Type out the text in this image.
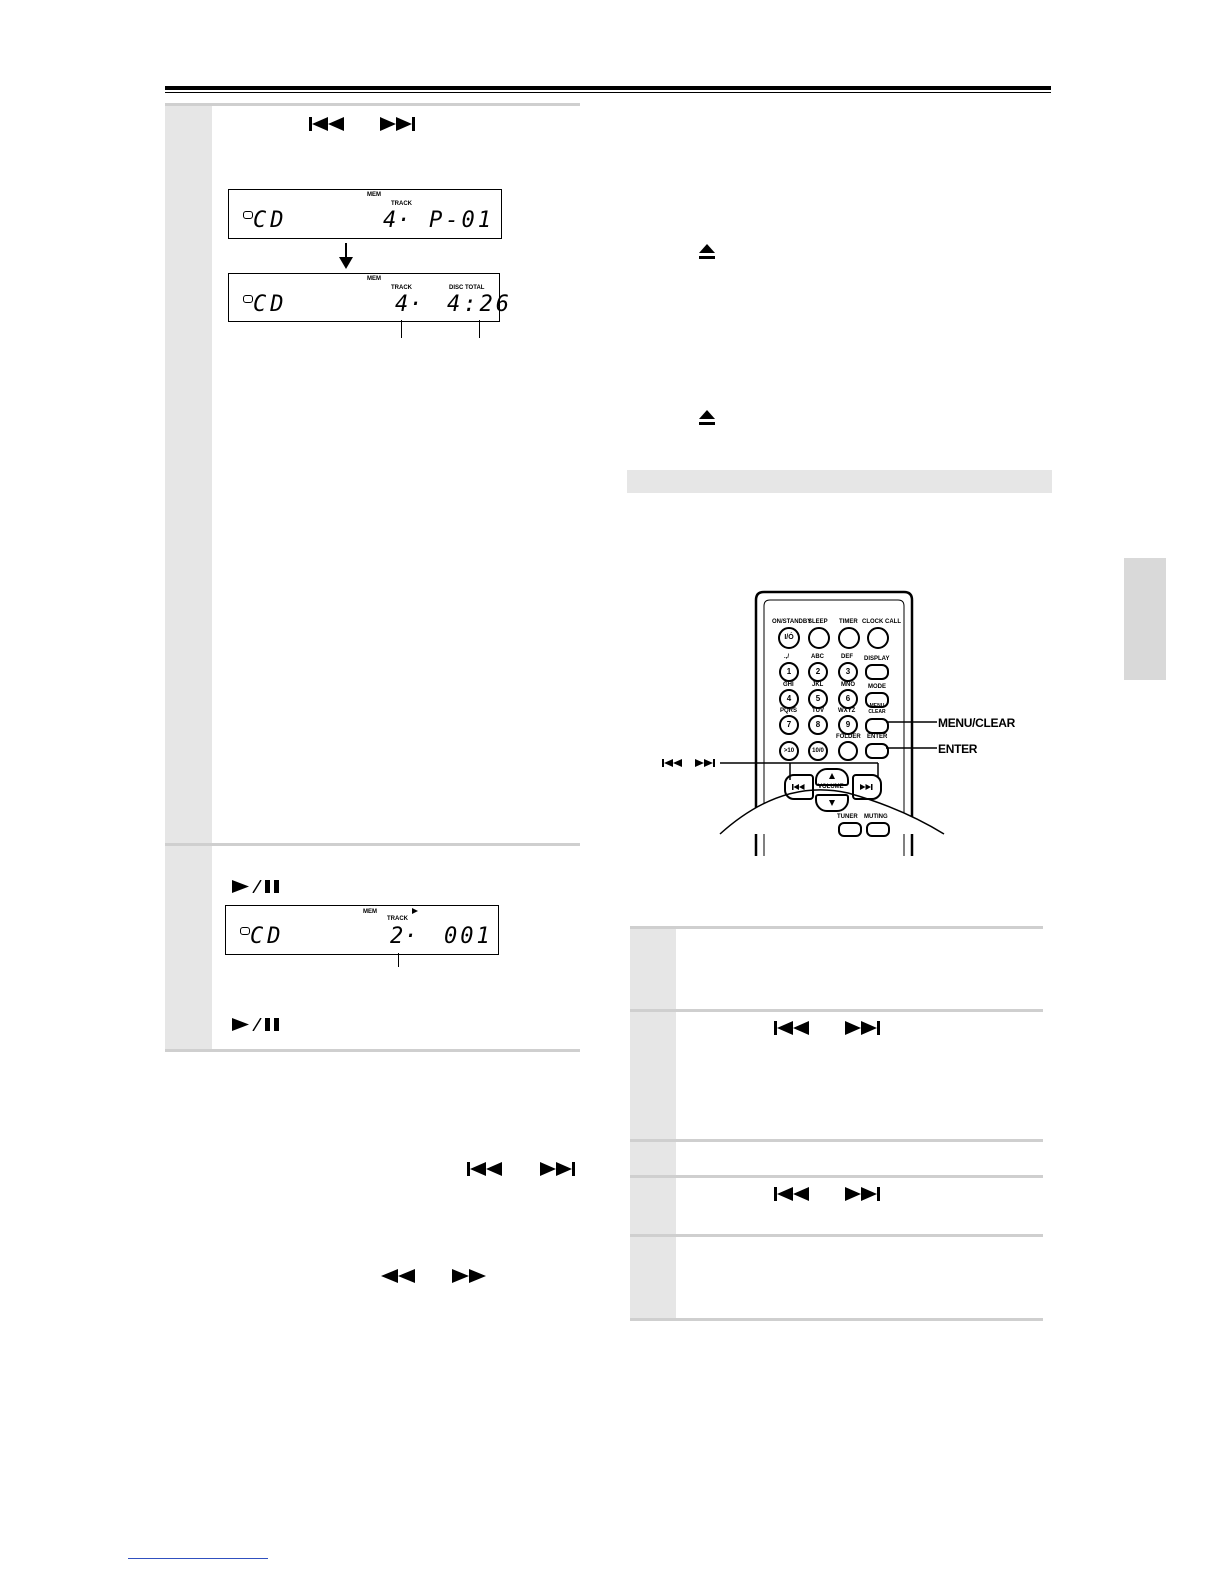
MEM
TRACK
CD	4
· P-01
MEM
TRACK	DISC TOTAL
CD	4
· 4:26
MEM
TRACK
CD	2
· 001
ON/STANDBY
SLEEP TIMER CLOCK CALL
I/Ó
.,/	ABC	DEF
1	2	3
DISPLAY
GHI	JKL	MNO
4	5	6
MODE
PQRS TUV WXYZ
7	8	9
MENU CLEAR
>10	10/0
FOLDER ENTER
VOLUME
TUNER MUTING
MENU/CLEAR
ENTER
